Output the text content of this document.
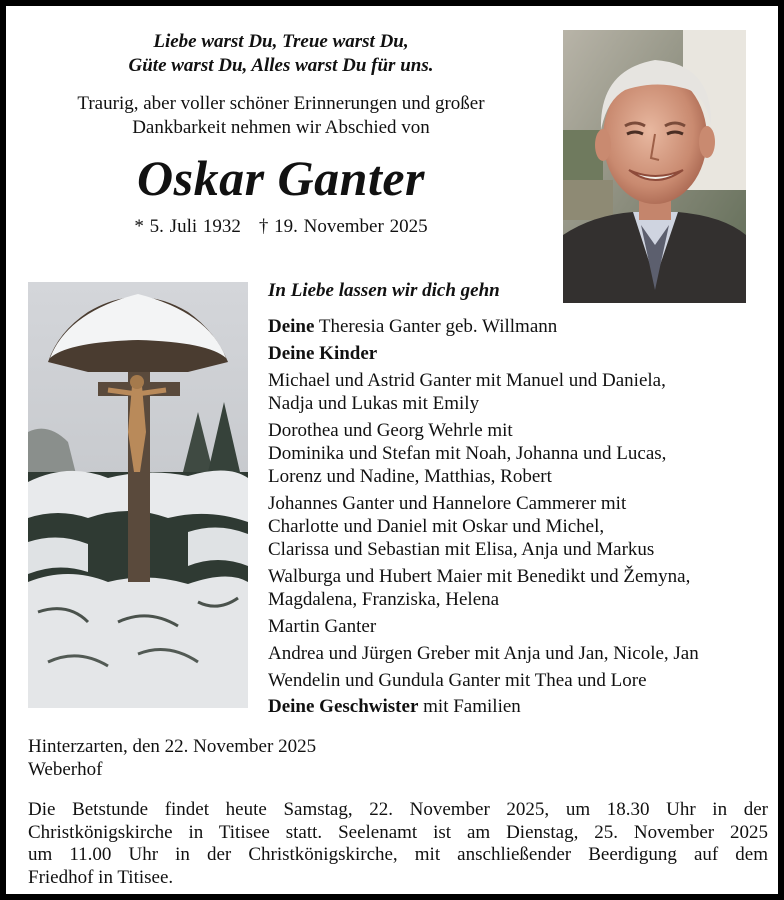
Liebe warst Du, Treue warst Du,
Güte warst Du, Alles warst Du für uns.
Traurig, aber voller schöner Erinnerungen und großer
Dankbarkeit nehmen wir Abschied von
Oskar Ganter
* 5. Juli 1932 † 19. November 2025
In Liebe lassen wir dich gehn
Deine Theresia Ganter geb. Willmann
Deine Kinder
Michael und Astrid Ganter mit Manuel und Daniela,
Nadja und Lukas mit Emily
Dorothea und Georg Wehrle mit
Dominika und Stefan mit Noah, Johanna und Lucas,
Lorenz und Nadine, Matthias, Robert
Johannes Ganter und Hannelore Cammerer mit
Charlotte und Daniel mit Oskar und Michel,
Clarissa und Sebastian mit Elisa, Anja und Markus
Walburga und Hubert Maier mit Benedikt und Žemyna,
Magdalena, Franziska, Helena
Martin Ganter
Andrea und Jürgen Greber mit Anja und Jan, Nicole, Jan
Wendelin und Gundula Ganter mit Thea und Lore
Deine Geschwister mit Familien
Hinterzarten, den 22. November 2025
Weberhof
Die Betstunde findet heute Samstag, 22. November 2025, um 18.30 Uhr in der
Christkönigskirche in Titisee statt. Seelenamt ist am Dienstag, 25. November 2025
um 11.00 Uhr in der Christkönigskirche, mit anschließender Beerdigung auf dem
Friedhof in Titisee.
